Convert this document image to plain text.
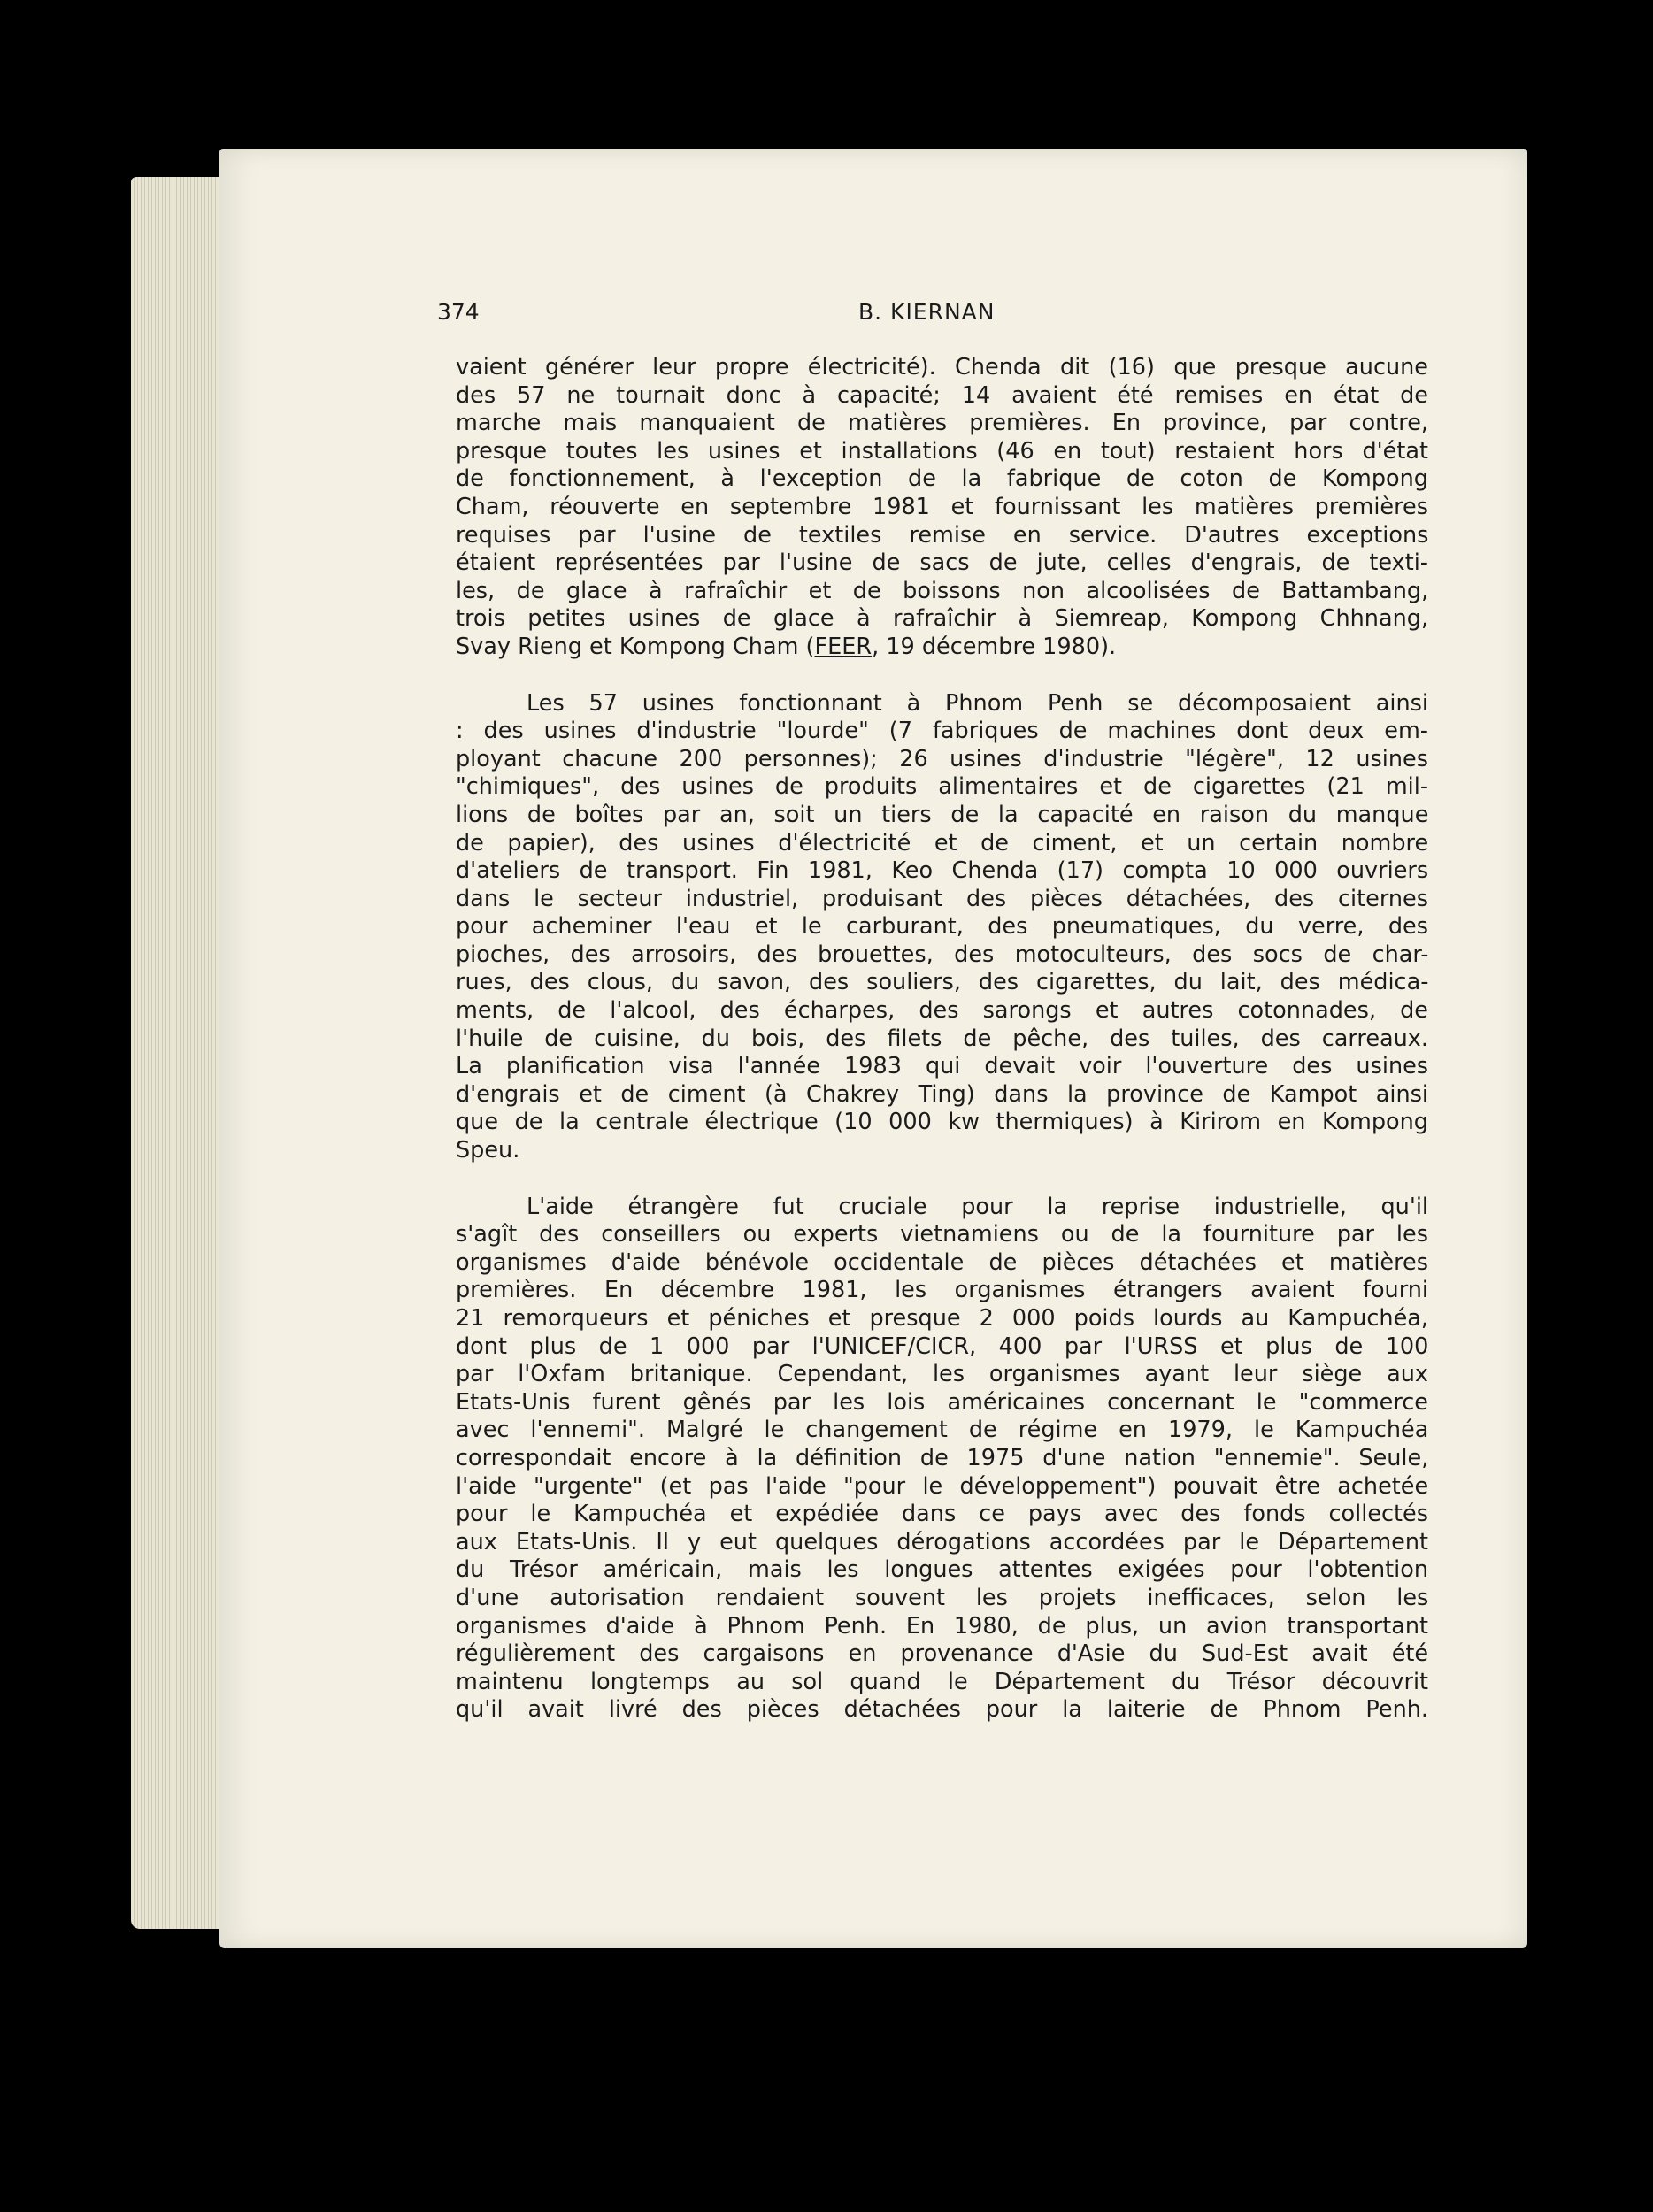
374	B. KIERNAN
vaient générer leur propre électricité). Chenda dit (16) que presque aucune
des 57 ne tournait donc à capacité; 14 avaient été remises en état de
marche mais manquaient de matières premières. En province, par contre,
presque toutes les usines et installations (46 en tout) restaient hors d'état
de fonctionnement, à l'exception de la fabrique de coton de Kompong
Cham, réouverte en septembre 1981 et fournissant les matières premières
requises par l'usine de textiles remise en service. D'autres exceptions
étaient représentées par l'usine de sacs de jute, celles d'engrais, de texti-
les, de glace à rafraîchir et de boissons non alcoolisées de Battambang,
trois petites usines de glace à rafraîchir à Siemreap, Kompong Chhnang,
Svay Rieng et Kompong Cham (FEER, 19 décembre 1980).
Les 57 usines fonctionnant à Phnom Penh se décomposaient ainsi
: des usines d'industrie "lourde" (7 fabriques de machines dont deux em-
ployant chacune 200 personnes); 26 usines d'industrie "légère", 12 usines
"chimiques", des usines de produits alimentaires et de cigarettes (21 mil-
lions de boîtes par an, soit un tiers de la capacité en raison du manque
de papier), des usines d'électricité et de ciment, et un certain nombre
d'ateliers de transport. Fin 1981, Keo Chenda (17) compta 10 000 ouvriers
dans le secteur industriel, produisant des pièces détachées, des citernes
pour acheminer l'eau et le carburant, des pneumatiques, du verre, des
pioches, des arrosoirs, des brouettes, des motoculteurs, des socs de char-
rues, des clous, du savon, des souliers, des cigarettes, du lait, des médica-
ments, de l'alcool, des écharpes, des sarongs et autres cotonnades, de
l'huile de cuisine, du bois, des filets de pêche, des tuiles, des carreaux.
La planification visa l'année 1983 qui devait voir l'ouverture des usines
d'engrais et de ciment (à Chakrey Ting) dans la province de Kampot ainsi
que de la centrale électrique (10 000 kw thermiques) à Kirirom en Kompong
Speu.
L'aide étrangère fut cruciale pour la reprise industrielle, qu'il
s'agît des conseillers ou experts vietnamiens ou de la fourniture par les
organismes d'aide bénévole occidentale de pièces détachées et matières
premières. En décembre 1981, les organismes étrangers avaient fourni
21 remorqueurs et péniches et presque 2 000 poids lourds au Kampuchéa,
dont plus de 1 000 par l'UNICEF/CICR, 400 par l'URSS et plus de 100
par l'Oxfam britanique. Cependant, les organismes ayant leur siège aux
Etats-Unis furent gênés par les lois américaines concernant le "commerce
avec l'ennemi". Malgré le changement de régime en 1979, le Kampuchéa
correspondait encore à la définition de 1975 d'une nation "ennemie". Seule,
l'aide "urgente" (et pas l'aide "pour le développement") pouvait être achetée
pour le Kampuchéa et expédiée dans ce pays avec des fonds collectés
aux Etats-Unis. Il y eut quelques dérogations accordées par le Département
du Trésor américain, mais les longues attentes exigées pour l'obtention
d'une autorisation rendaient souvent les projets inefficaces, selon les
organismes d'aide à Phnom Penh. En 1980, de plus, un avion transportant
régulièrement des cargaisons en provenance d'Asie du Sud-Est avait été
maintenu longtemps au sol quand le Département du Trésor découvrit
qu'il avait livré des pièces détachées pour la laiterie de Phnom Penh.
